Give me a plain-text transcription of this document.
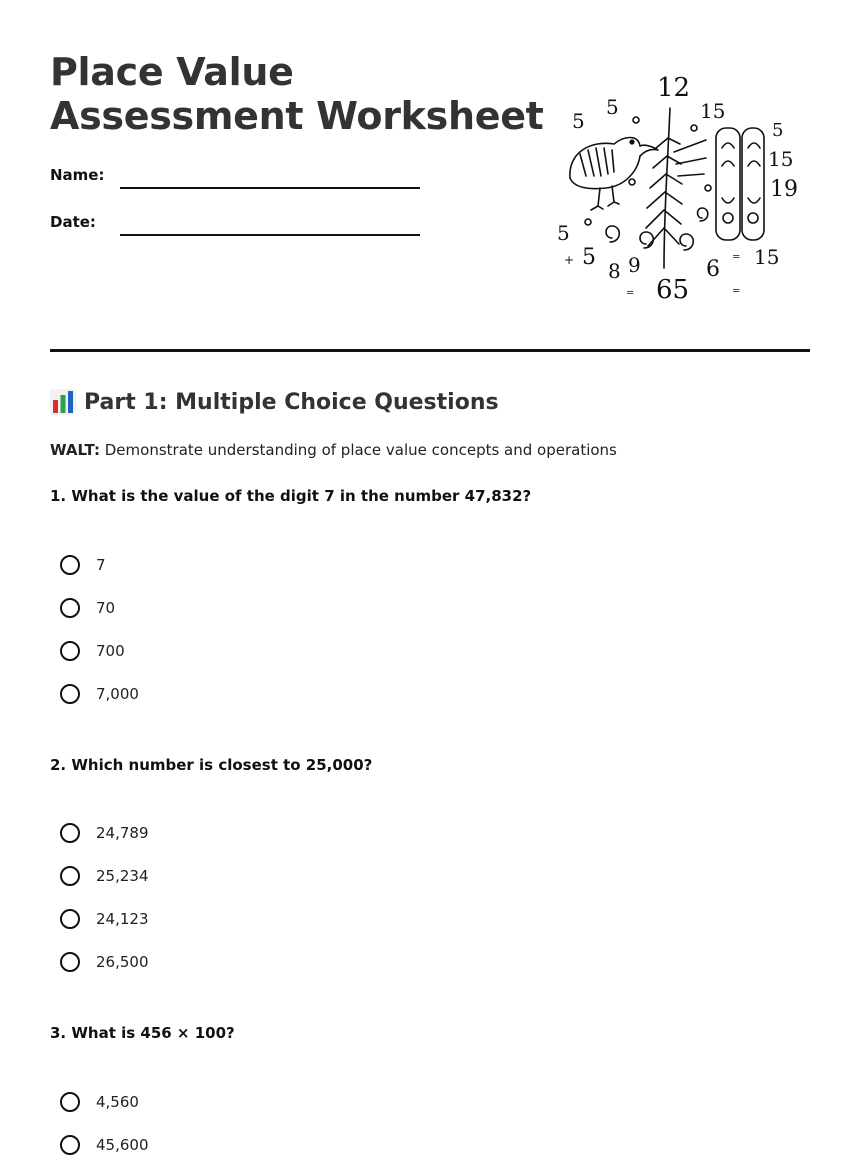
Place Value Assessment Worksheet
Name:
Date:
12
5
5	15
5
15
19
5
5
8 9	6 15
65
+	=
=	=
Part 1: Multiple Choice Questions
WALT: Demonstrate understanding of place value concepts and operations
1. What is the value of the digit 7 in the number 47,832?
7
70
700
7,000
2. Which number is closest to 25,000?
24,789
25,234
24,123
26,500
3. What is 456 × 100?
4,560
45,600
